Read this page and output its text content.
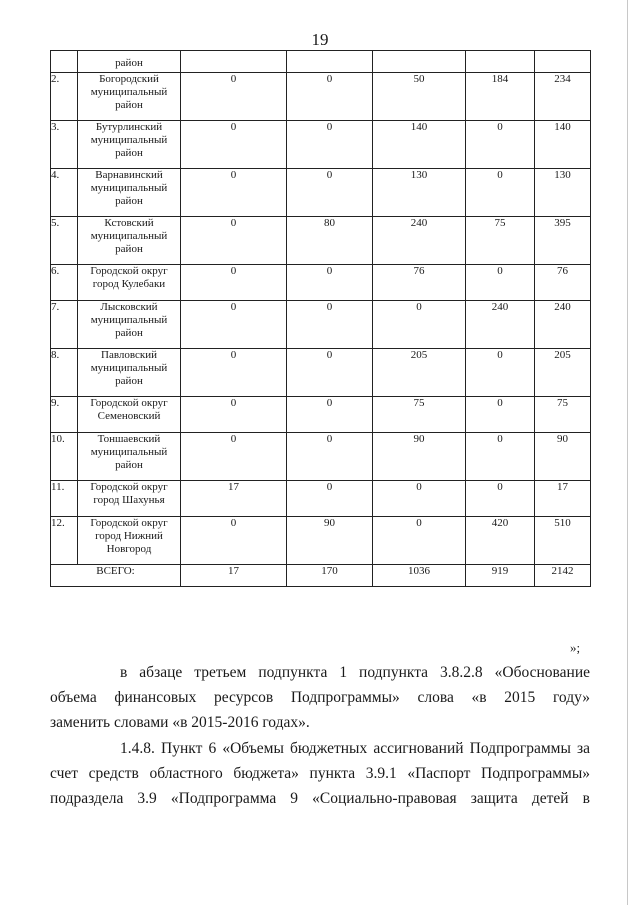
19
	район					
2.	Богородский
муниципальный
район	0	0	50	184	234
3.	Бутурлинский
муниципальный
район	0	0	140	0	140
4.	Варнавинский
муниципальный
район	0	0	130	0	130
5.	Кстовский
муниципальный
район	0	80	240	75	395
6.	Городской округ
город Кулебаки	0	0	76	0	76
7.	Лысковский
муниципальный
район	0	0	0	240	240
8.	Павловский
муниципальный
район	0	0	205	0	205
9.	Городской округ
Семеновский	0	0	75	0	75
10.	Тоншаевский
муниципальный
район	0	0	90	0	90
11.	Городской округ
город Шахунья	17	0	0	0	17
12.	Городской округ
город Нижний
Новгород	0	90	0	420	510
ВСЕГО:		17	170	1036	919	2142
»;
в абзаце третьем подпункта 1 подпункта 3.8.2.8 «Обоснование
объема финансовых ресурсов Подпрограммы» слова «в 2015 году»
заменить словами «в 2015-2016 годах».
1.4.8. Пункт 6 «Объемы бюджетных ассигнований Подпрограммы за
счет средств областного бюджета» пункта 3.9.1 «Паспорт Подпрограммы»
подраздела 3.9 «Подпрограмма 9 «Социально-правовая защита детей в
